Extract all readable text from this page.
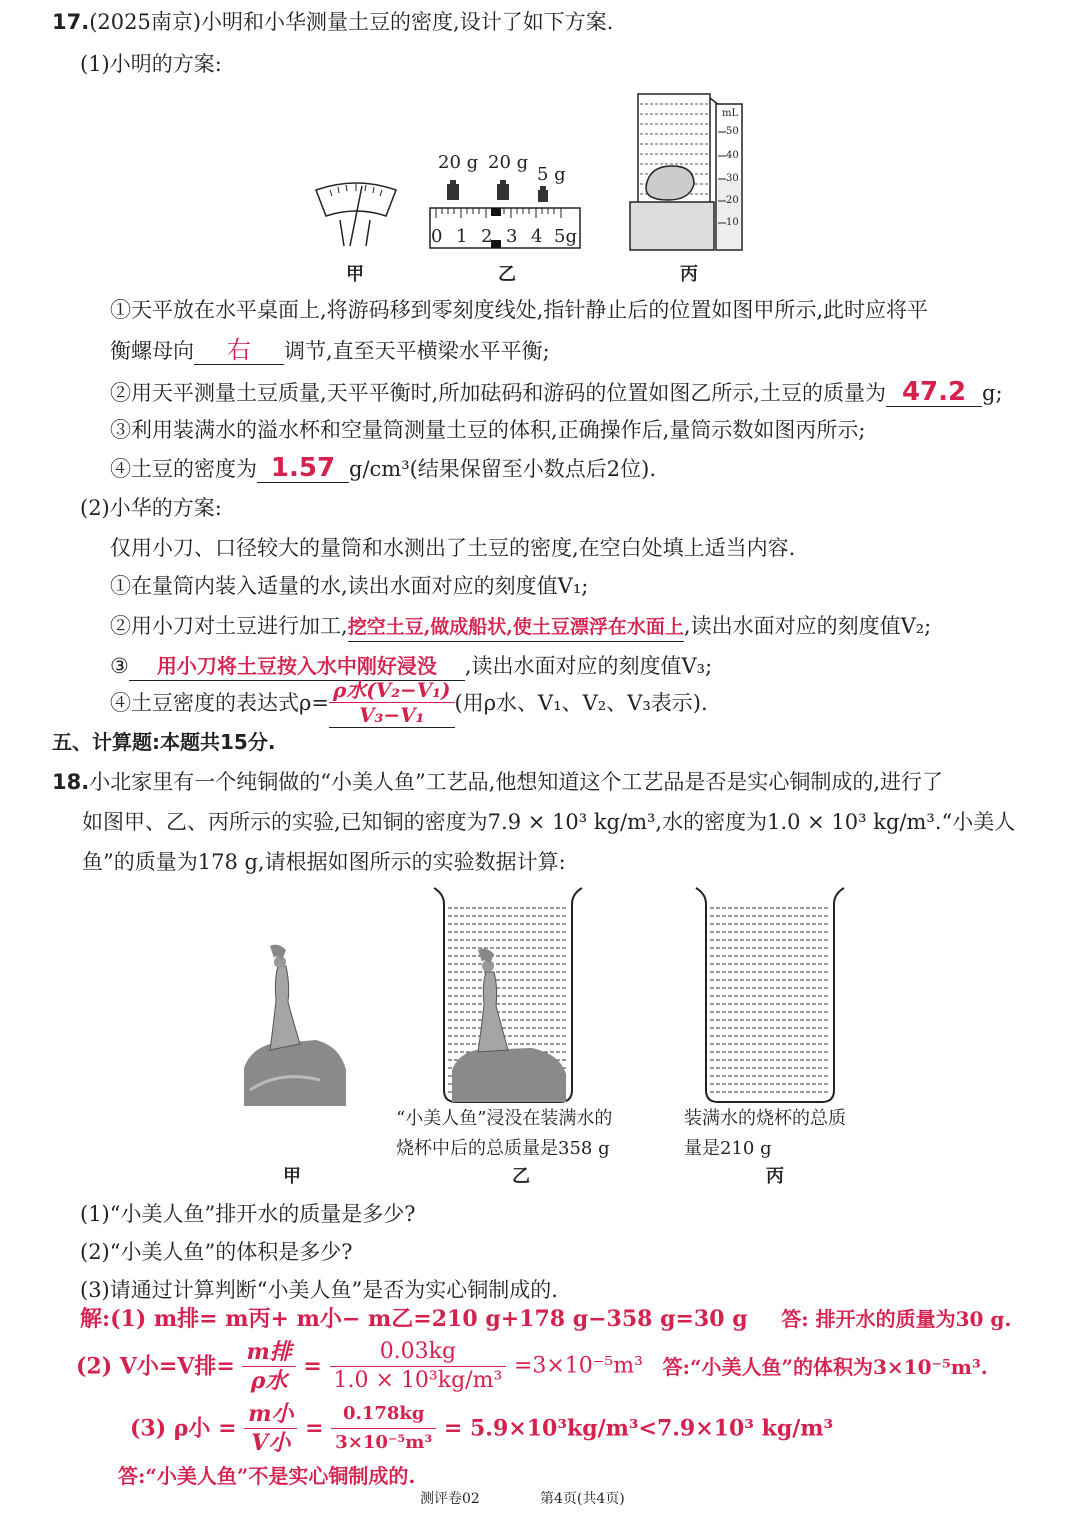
17.(2025南京)小明和小华测量土豆的密度,设计了如下方案.
(1)小明的方案:
甲
20 g 20 g
5 g
0 1 2 3 4 5g
乙
mL
50
40
30
20
10
丙
①天平放在水平桌面上,将游码移到零刻度线处,指针静止后的位置如图甲所示,此时应将平
衡螺母向 右 调节,直至天平横梁水平平衡;
②用天平测量土豆质量,天平平衡时,所加砝码和游码的位置如图乙所示,土豆的质量为 47.2 g;
③利用装满水的溢水杯和空量筒测量土豆的体积,正确操作后,量筒示数如图丙所示;
④土豆的密度为 1.57 g/cm³(结果保留至小数点后2位).
(2)小华的方案:
仅用小刀、口径较大的量筒和水测出了土豆的密度,在空白处填上适当内容.
①在量筒内装入适量的水,读出水面对应的刻度值V₁;
②用小刀对土豆进行加工,挖空土豆,做成船状,使土豆漂浮在水面上,读出水面对应的刻度值V₂;
③ 用小刀将土豆按入水中刚好浸没 ,读出水面对应的刻度值V₃;
④土豆密度的表达式$\rho= \frac{\text{ρ水(V₂−V₁)}}{\text{V₃−V₁}}$ (用ρ水、V₁、V₂、V₃表示).
五、计算题:本题共15分.
18.小北家里有一个纯铜做的“小美人鱼”工艺品,他想知道这个工艺品是否是实心铜制成的,进行了
如图甲、乙、丙所示的实验,已知铜的密度为7.9 × 10³ kg/m³,水的密度为1.0 × 10³ kg/m³.“小美人
鱼”的质量为178 g,请根据如图所示的实验数据计算:
甲
“小美人鱼”浸没在装满水的
烧杯中后的总质量是358 g
乙
装满水的烧杯的总质
量是210 g
丙
(1)“小美人鱼”排开水的质量是多少?
(2)“小美人鱼”的体积是多少?
(3)请通过计算判断“小美人鱼”是否为实心铜制成的.
解:(1) m排= m丙+ m小− m乙=210 g+178 g−358 g=30 g 答: 排开水的质量为30 g.
(2) V小=V排= $\frac{\text{m排}}{\text{ρ水}} = \frac{0.03kg}{\text{1.0 × 10³kg/m³}} =3\times 10^{-5}m^3$ 答:“小美人鱼”的体积为3×10⁻⁵m³.
(3) ρ小 = $\frac{\text{m小}}{\text{V小}} = \frac{0.178kg}{\text{3×10⁻⁵m³}} = 5.9\times 10^3kg/m^3<7.9\times 10^3$ kg/m³
答:“小美人鱼”不是实心铜制成的.
测评卷02	第4页(共4页)
